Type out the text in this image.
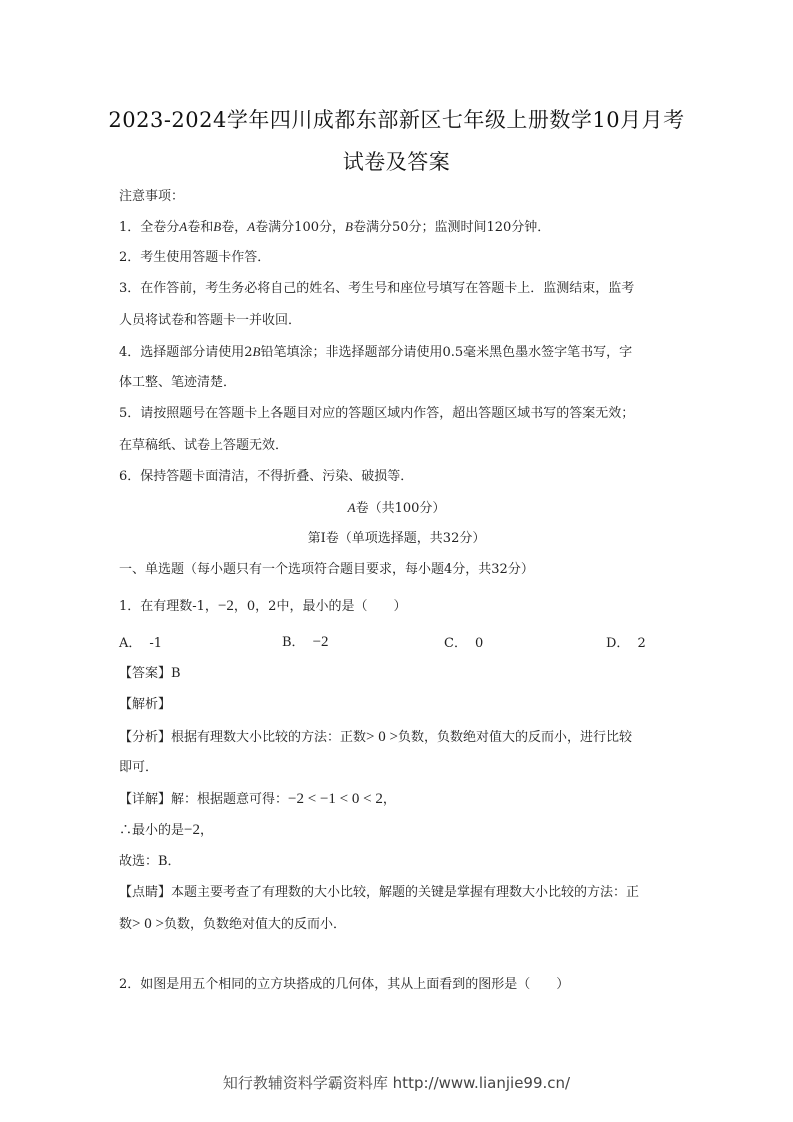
2023-2024学年四川成都东部新区七年级上册数学10月月考
试卷及答案
注意事项：
1．全卷分A卷和B卷，A卷满分100分，B卷满分50分；监测时间120分钟．
2．考生使用答题卡作答．
3．在作答前，考生务必将自己的姓名、考生号和座位号填写在答题卡上．监测结束，监考
人员将试卷和答题卡一并收回．
4．选择题部分请使用2B铅笔填涂；非选择题部分请使用0.5毫米黑色墨水签字笔书写，字
体工整、笔迹清楚．
5．请按照题号在答题卡上各题目对应的答题区域内作答，超出答题区域书写的答案无效；
在草稿纸、试卷上答题无效．
6．保持答题卡面清洁，不得折叠、污染、破损等．
A卷（共100分）
第Ⅰ卷（单项选择题，共32分）
一、单选题（每小题只有一个选项符合题目要求，每小题4分，共32分）
1．在有理数-1，−2，0，2中，最小的是（　　）
A． -1	B． −2	C． 0	D． 2
【答案】B
【解析】
【分析】根据有理数大小比较的方法：正数> 0 >负数，负数绝对值大的反而小，进行比较
即可．
【详解】解：根据题意可得：−2 < −1 < 0 < 2，
∴最小的是−2，
故选：B．
【点睛】本题主要考查了有理数的大小比较，解题的关键是掌握有理数大小比较的方法：正
数> 0 >负数，负数绝对值大的反而小．
2．如图是用五个相同的立方块搭成的几何体，其从上面看到的图形是（　　）
知行教辅资料学霸资料库 http://www.lianjie99.cn/
